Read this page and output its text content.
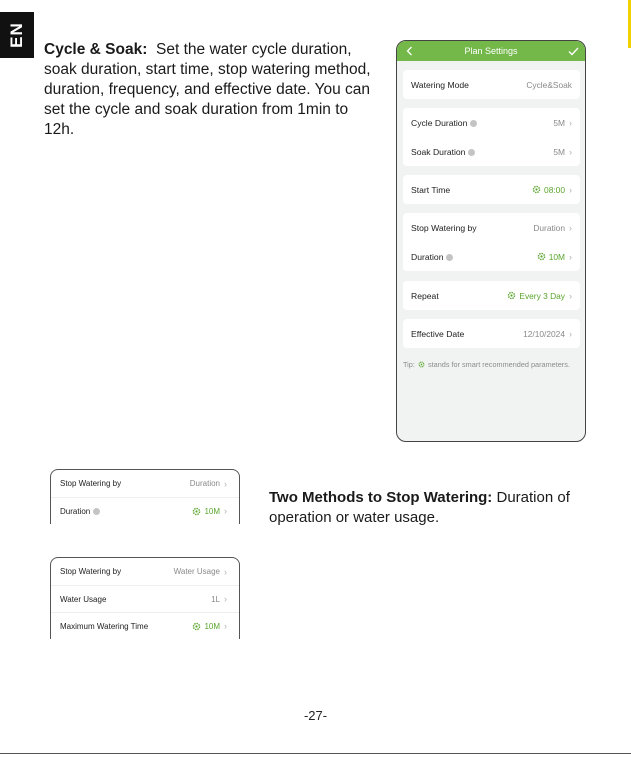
EN

Cycle & Soak: Set the water cycle duration, soak duration, start time, stop watering method, duration, frequency, and effective date. You can set the cycle and soak duration from 1min to 12h.

Plan Settings
Watering Mode	Cycle&Soak
Cycle Duration	5M ›
Soak Duration	5M ›
Start Time	08:00 ›
Stop Watering by	Duration ›
Duration	10M ›
Repeat	Every 3 Day ›
Effective Date	12/10/2024 ›

Tip: stands for smart recommended parameters.

Stop Watering by	Duration ›
Duration	10M ›
Stop Watering by	Water Usage ›
Water Usage	1L ›
Maximum Watering Time	10M ›

Two Methods to Stop Watering: Duration of operation or water usage.

-27-
